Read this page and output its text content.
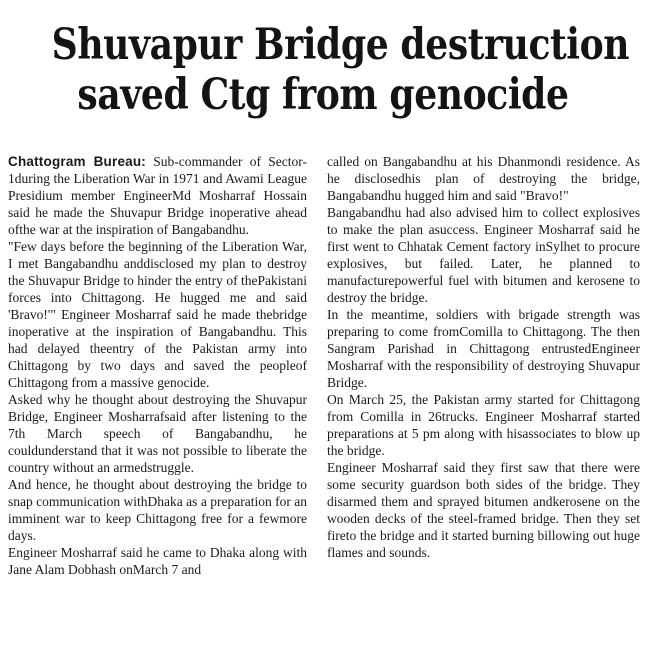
Shuvapur Bridge destruction
saved Ctg from genocide

Chattogram Bureau: Sub-commander of Sector-1during the Liberation War in 1971 and Awami League Presidium member EngineerMd Mosharraf Hossain said he made the Shuvapur Bridge inoperative ahead ofthe war at the inspiration of Bangabandhu.

"Few days before the beginning of the Liberation War, I met Bangabandhu anddisclosed my plan to destroy the Shuvapur Bridge to hinder the entry of thePakistani forces into Chittagong. He hugged me and said 'Bravo!'" Engineer Mosharraf said he made thebridge inoperative at the inspiration of Bangabandhu. This had delayed theentry of the Pakistan army into Chittagong by two days and saved the peopleof Chittagong from a massive genocide.

Asked why he thought about destroying the Shuvapur Bridge, Engineer Mosharrafsaid after listening to the 7th March speech of Bangabandhu, he couldunderstand that it was not possible to liberate the country without an armedstruggle.

And hence, he thought about destroying the bridge to snap communication withDhaka as a preparation for an imminent war to keep Chittagong free for a fewmore days.

Engineer Mosharraf said he came to Dhaka along with Jane Alam Dobhash onMarch 7 and

called on Bangabandhu at his Dhanmondi residence. As he disclosedhis plan of destroying the bridge, Bangabandhu hugged him and said "Bravo!"

Bangabandhu had also advised him to collect explosives to make the plan asuccess. Engineer Mosharraf said he first went to Chhatak Cement factory inSylhet to procure explosives, but failed. Later, he planned to manufacturepowerful fuel with bitumen and kerosene to destroy the bridge.

In the meantime, soldiers with brigade strength was preparing to come fromComilla to Chittagong. The then Sangram Parishad in Chittagong entrustedEngineer Mosharraf with the responsibility of destroying Shuvapur Bridge.

On March 25, the Pakistan army started for Chittagong from Comilla in 26trucks. Engineer Mosharraf started preparations at 5 pm along with hisassociates to blow up the bridge.

Engineer Mosharraf said they first saw that there were some security guardson both sides of the bridge. They disarmed them and sprayed bitumen andkerosene on the wooden decks of the steel-framed bridge. Then they set fireto the bridge and it started burning billowing out huge flames and sounds.
